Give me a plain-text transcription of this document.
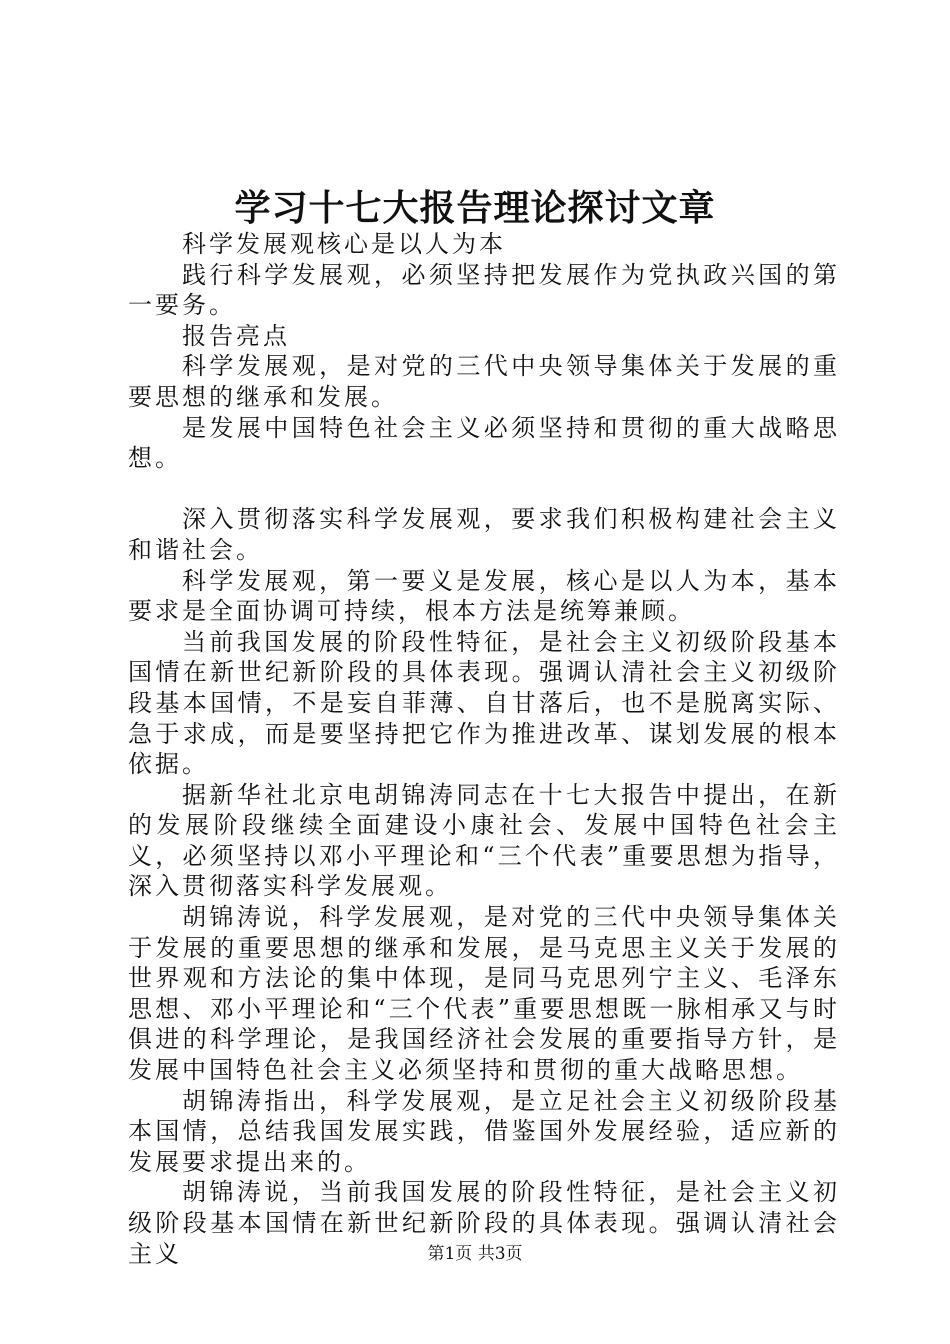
学习十七大报告理论探讨文章

科学发展观核心是以人为本

践行科学发展观，必须坚持把发展作为党执政兴国的第一要务。

报告亮点

科学发展观，是对党的三代中央领导集体关于发展的重要思想的继承和发展。

是发展中国特色社会主义必须坚持和贯彻的重大战略思想。

深入贯彻落实科学发展观，要求我们积极构建社会主义和谐社会。

科学发展观，第一要义是发展，核心是以人为本，基本要求是全面协调可持续，根本方法是统筹兼顾。

当前我国发展的阶段性特征，是社会主义初级阶段基本国情在新世纪新阶段的具体表现。强调认清社会主义初级阶段基本国情，不是妄自菲薄、自甘落后，也不是脱离实际、急于求成，而是要坚持把它作为推进改革、谋划发展的根本依据。

据新华社北京电胡锦涛同志在十七大报告中提出，在新的发展阶段继续全面建设小康社会、发展中国特色社会主义，必须坚持以邓小平理论和“三个代表”重要思想为指导，深入贯彻落实科学发展观。

胡锦涛说，科学发展观，是对党的三代中央领导集体关于发展的重要思想的继承和发展，是马克思主义关于发展的世界观和方法论的集中体现，是同马克思列宁主义、毛泽东思想、邓小平理论和“三个代表”重要思想既一脉相承又与时俱进的科学理论，是我国经济社会发展的重要指导方针，是发展中国特色社会主义必须坚持和贯彻的重大战略思想。

胡锦涛指出，科学发展观，是立足社会主义初级阶段基本国情，总结我国发展实践，借鉴国外发展经验，适应新的发展要求提出来的。

胡锦涛说，当前我国发展的阶段性特征，是社会主义初级阶段基本国情在新世纪新阶段的具体表现。强调认清社会主义	第1页 共3页
